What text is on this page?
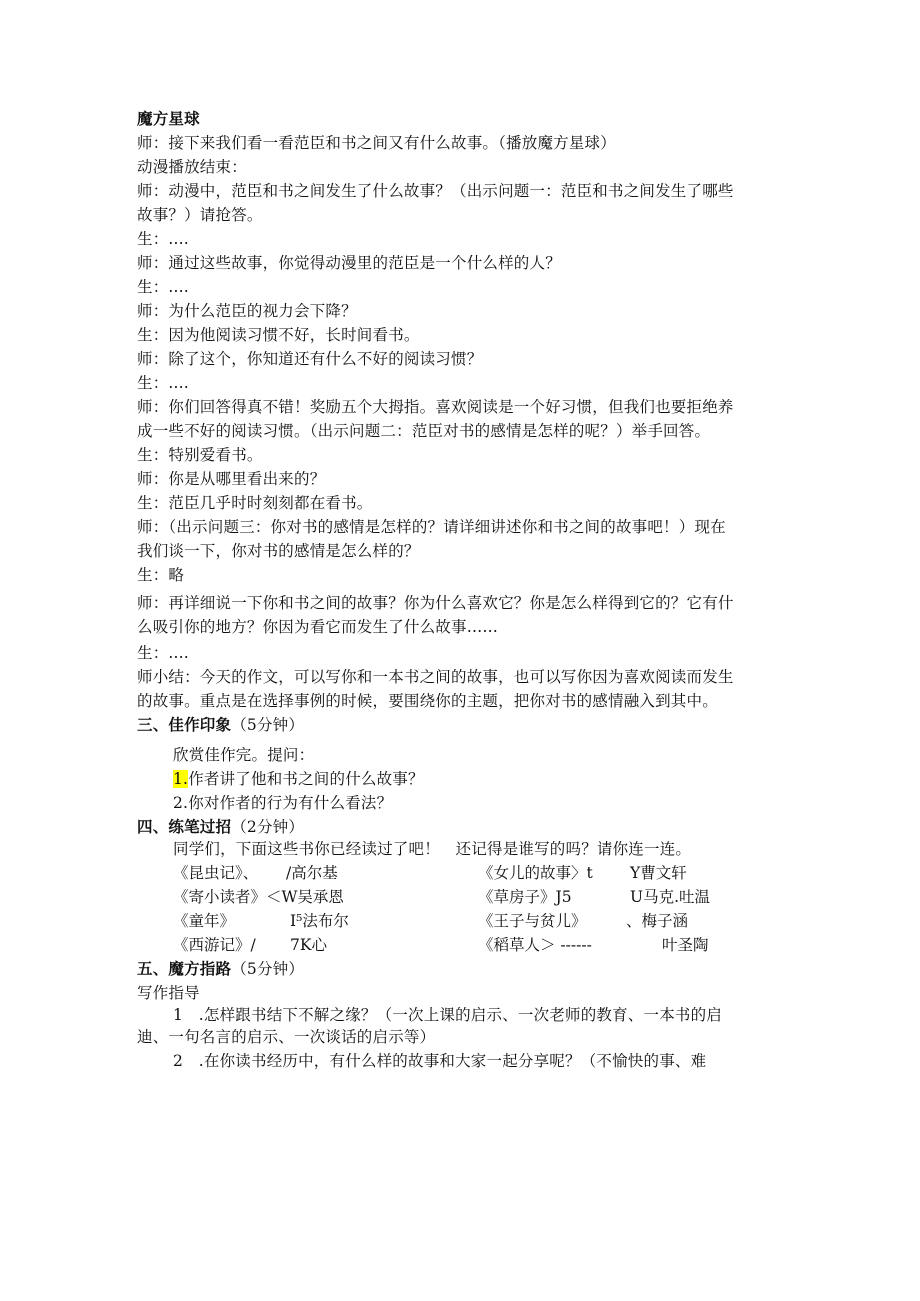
魔方星球
师：接下来我们看一看范臣和书之间又有什么故事。（播放魔方星球）
动漫播放结束：
师：动漫中，范臣和书之间发生了什么故事？（出示问题一：范臣和书之间发生了哪些
故事？）请抢答。
生：....
师：通过这些故事，你觉得动漫里的范臣是一个什么样的人？
生：....
师：为什么范臣的视力会下降？
生：因为他阅读习惯不好，长时间看书。
师：除了这个，你知道还有什么不好的阅读习惯？
生：....
师：你们回答得真不错！奖励五个大拇指。喜欢阅读是一个好习惯，但我们也要拒绝养
成一些不好的阅读习惯。（出示问题二：范臣对书的感情是怎样的呢？）举手回答。
生：特别爱看书。
师：你是从哪里看出来的？
生：范臣几乎时时刻刻都在看书。
师：（出示问题三：你对书的感情是怎样的？请详细讲述你和书之间的故事吧！）现在
我们谈一下，你对书的感情是怎么样的？
生：略
师：再详细说一下你和书之间的故事？你为什么喜欢它？你是怎么样得到它的？它有什
么吸引你的地方？你因为看它而发生了什么故事……
生：....
师小结：今天的作文，可以写你和一本书之间的故事，也可以写你因为喜欢阅读而发生
的故事。重点是在选择事例的时候，要围绕你的主题，把你对书的感情融入到其中。
三、佳作印象（5分钟）
欣赏佳作完。提问：
1.作者讲了他和书之间的什么故事？
2.你对作者的行为有什么看法？
四、练笔过招（2分钟）
同学们，下面这些书你已经读过了吧！　还记得是谁写的吗？请你连一连。
《昆虫记》、 /高尔基	《女儿的故事〉t Y曹文轩
《寄小读者》＜W吴承恩	《草房子》J5	U马克.吐温
《童年》	I⁵法布尔	《王子与贫儿》	、梅子涵
《西游记》/ 7K心	《稻草人＞ ------	叶圣陶
五、魔方指路（5分钟）
写作指导
1　.怎样跟书结下不解之缘？（一次上课的启示、一次老师的教育、一本书的启
迪、一句名言的启示、一次谈话的启示等）
2　.在你读书经历中，有什么样的故事和大家一起分享呢？（不愉快的事、难
